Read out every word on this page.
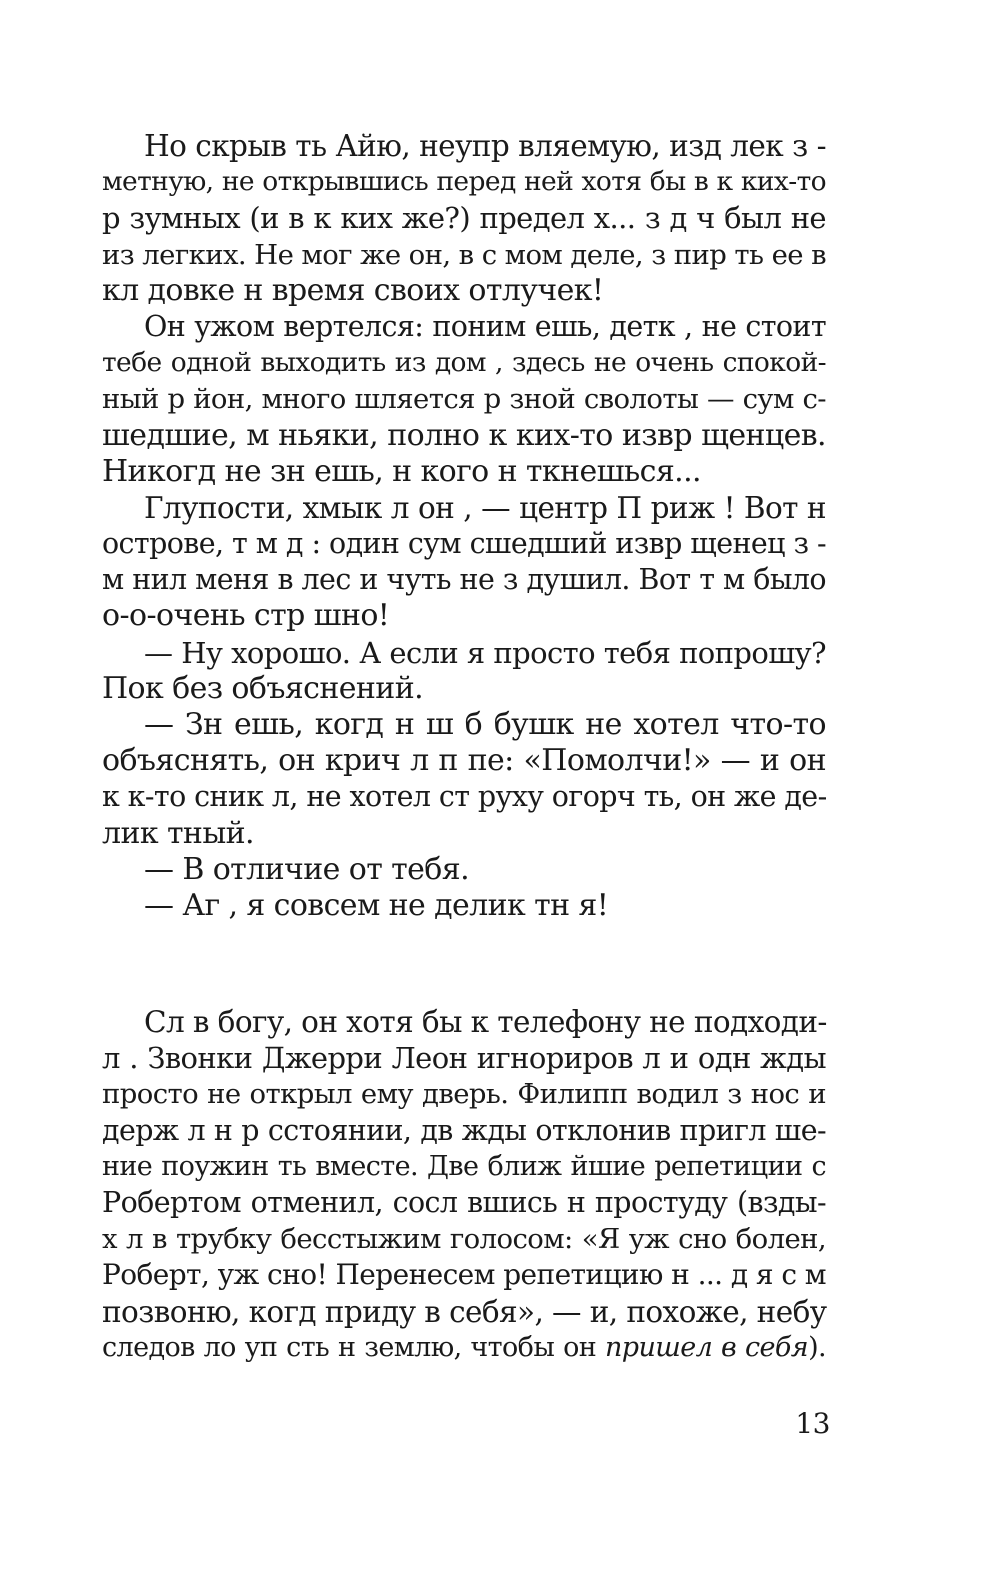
Но скрыв ть Айю, неупр вляемую, изд лек з -
метную, не открывшись перед ней хотя бы в к ких-то
р зумных (и в к ких же?) предел х... з д ч был не
из легких. Не мог же он, в с мом деле, з пир ть ее в
кл довке н время своих отлучек!
Он ужом вертелся: поним ешь, детк , не стоит
тебе одной выходить из дом , здесь не очень спокой-
ный р йон, много шляется р зной сволоты — сум с-
шедшие, м ньяки, полно к ких-то извр щенцев.
Никогд не зн ешь, н кого н ткнешься...
Глупости, хмык л он , — центр П риж ! Вот н
острове, т м д : один сум сшедший извр щенец з -
м нил меня в лес и чуть не з душил. Вот т м было
о-о-очень стр шно!
— Ну хорошо. А если я просто тебя попрошу?
Пок без объяснений.
— Зн ешь, когд н ш б бушк не хотел что-то
объяснять, он крич л п пе: «Помолчи!» — и он
к к-то сник л, не хотел ст руху огорч ть, он же де-
лик тный.
— В отличие от тебя.
— Аг , я совсем не делик тн я!
Сл в богу, он хотя бы к телефону не подходи-
л . Звонки Джерри Леон игнориров л и одн жды
просто не открыл ему дверь. Филипп водил з нос и
держ л н р сстоянии, дв жды отклонив пригл ше-
ние поужин ть вместе. Две ближ йшие репетиции с
Робертом отменил, сосл вшись н простуду (взды-
х л в трубку бесстыжим голосом: «Я уж сно болен,
Роберт, уж сно! Перенесем репетицию н ... д я с м
позвоню, когд приду в себя», — и, похоже, небу
следов ло уп сть н землю, чтобы он пришел в себя).
13
